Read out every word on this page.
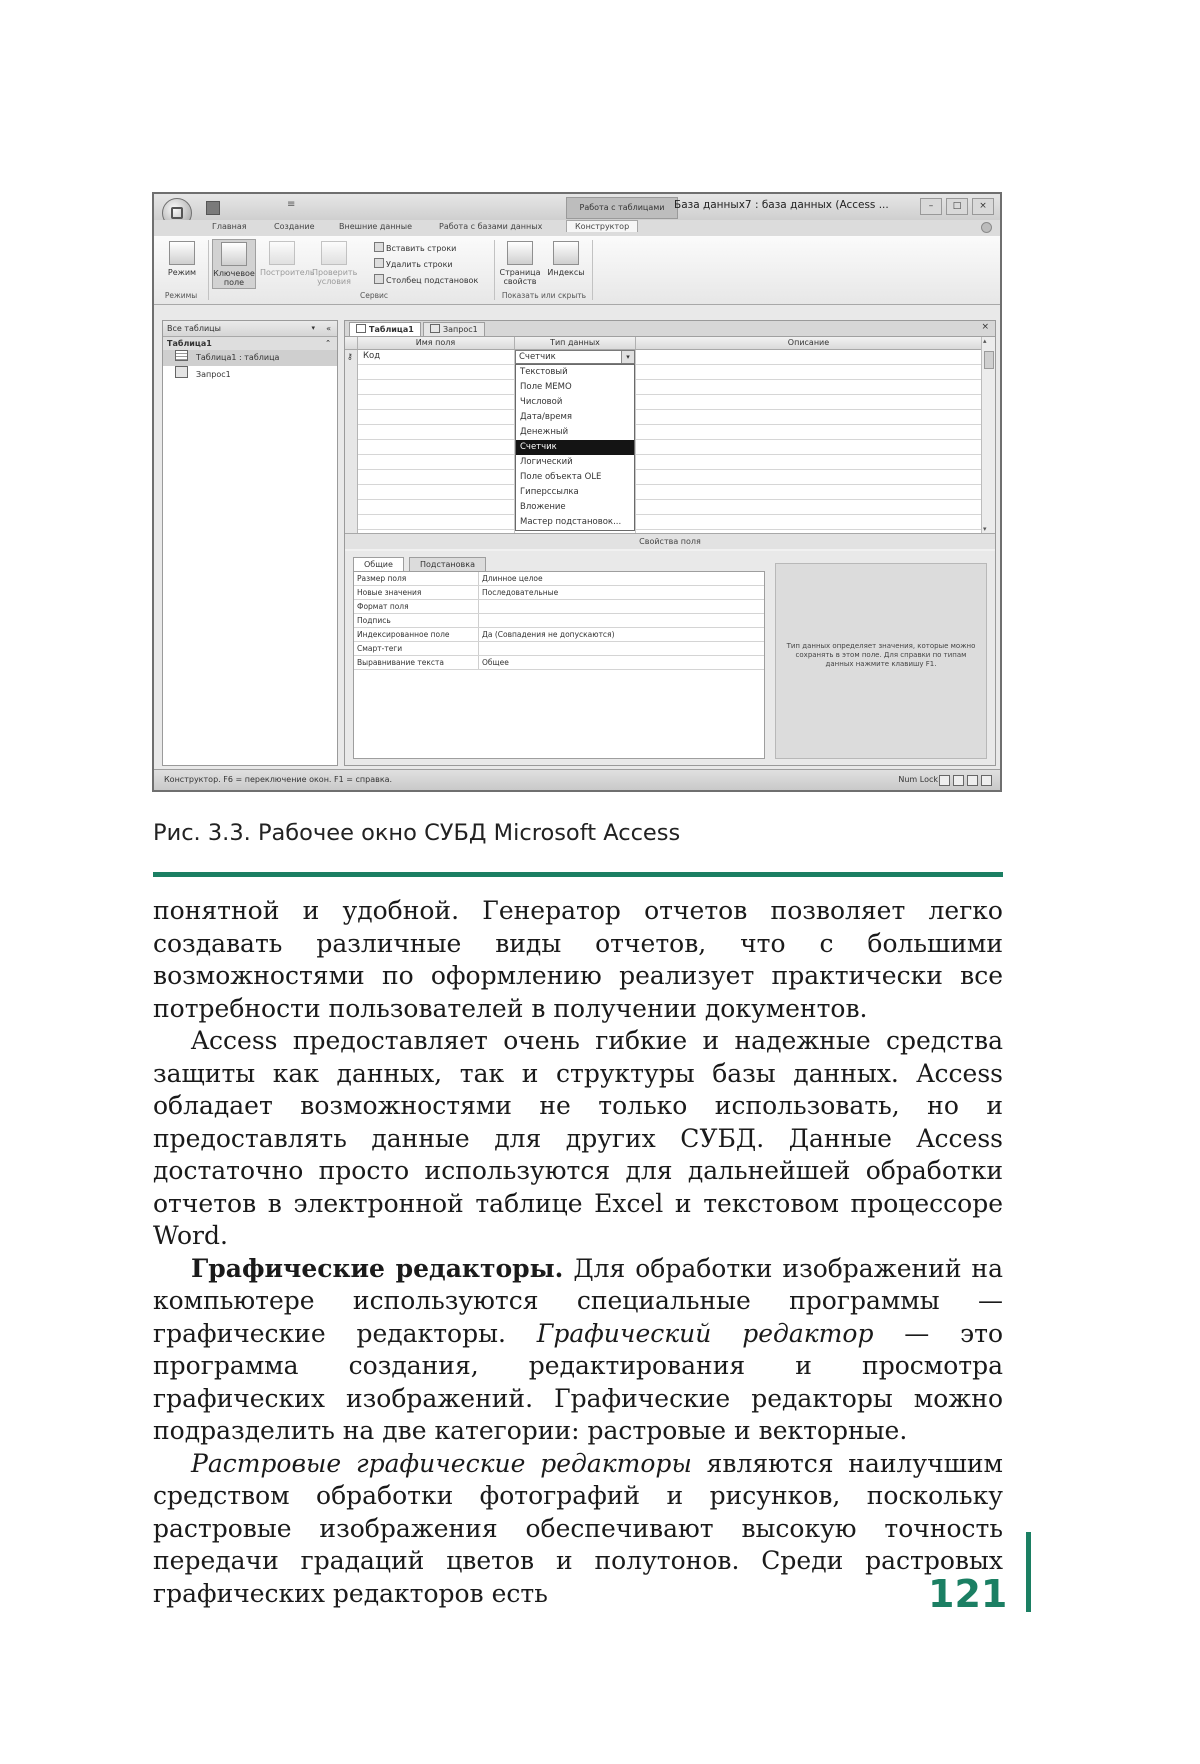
≡	Работа с таблицами База данных7 : база данных (Access ...	–	□	×
Главная	Создание	Внешние данные	Работа с базами данных	Конструктор
Режим	Ключевое поле
Построитель
Проверить условия
Вставить строки
Удалить строки
Столбец подстановок
Страница свойств
Индексы
Режимы	Сервис	Показать или скрыть
Все таблицы	▾ «
Таблица1	⌃
Таблица1 : таблица
Запрос1
Таблица1	Запрос1	×
Имя поля	Тип данных	Описание
⚷ Код	Счетчик	▾
Текстовый
Поле MEMO
Числовой
Дата/время
Денежный
Счетчик
Логический
Поле объекта OLE
Гиперссылка
Вложение
Мастер подстановок...
▴
▾
Свойства поля
Общие	Подстановка
Размер поля	Длинное целое
Новые значения	Последовательные
Формат поля
Подпись
Индексированное поле	Да (Совпадения не допускаются)
Смарт-теги
Выравнивание текста	Общее
Тип данных определяет значения, которые можно сохранять в этом поле. Для справки по типам данных нажмите клавишу F1.
Конструктор. F6 = переключение окон. F1 = справка.	Num Lock
Рис. 3.3. Рабочее окно СУБД Microsoft Access

понятной и удобной. Генератор отчетов позволяет легко создавать различные виды отчетов, что с большими возможностями по оформлению реализует практически все потребности пользователей в получении документов.

Access предоставляет очень гибкие и надежные средства защиты как данных, так и структуры базы данных. Access обладает возможностями не только использовать, но и предоставлять данные для других СУБД. Данные Access достаточно просто используются для дальнейшей обработки отчетов в электронной таблице Excel и текстовом процессоре Word.

Графические редакторы. Для обработки изображений на компьютере используются специальные программы — графические редакторы. Графический редактор — это программа создания, редактирования и просмотра графических изображений. Графические редакторы можно подразделить на две категории: растровые и векторные.

Растровые графические редакторы являются наилучшим средством обработки фотографий и рисунков, поскольку растровые изображения обеспечивают высокую точность передачи градаций цветов и полутонов. Среди растровых графических редакторов есть	121
